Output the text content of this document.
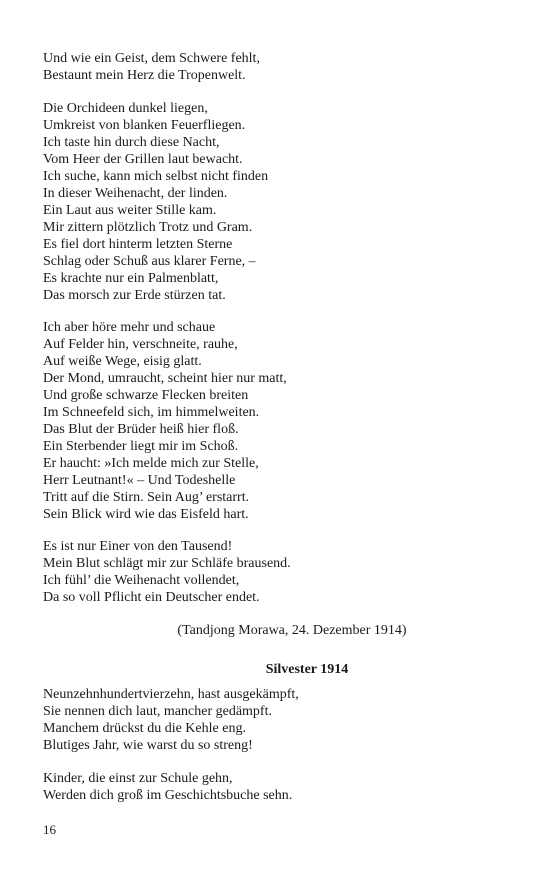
Und wie ein Geist, dem Schwere fehlt,
Bestaunt mein Herz die Tropenwelt.
Die Orchideen dunkel liegen,
Umkreist von blanken Feuerfliegen.
Ich taste hin durch diese Nacht,
Vom Heer der Grillen laut bewacht.
Ich suche, kann mich selbst nicht finden
In dieser Weihenacht, der linden.
Ein Laut aus weiter Stille kam.
Mir zittern plötzlich Trotz und Gram.
Es fiel dort hinterm letzten Sterne
Schlag oder Schuß aus klarer Ferne, –
Es krachte nur ein Palmenblatt,
Das morsch zur Erde stürzen tat.
Ich aber höre mehr und schaue
Auf Felder hin, verschneite, rauhe,
Auf weiße Wege, eisig glatt.
Der Mond, umraucht, scheint hier nur matt,
Und große schwarze Flecken breiten
Im Schneefeld sich, im himmelweiten.
Das Blut der Brüder heiß hier floß.
Ein Sterbender liegt mir im Schoß.
Er haucht: »Ich melde mich zur Stelle,
Herr Leutnant!« – Und Todeshelle
Tritt auf die Stirn. Sein Aug’ erstarrt.
Sein Blick wird wie das Eisfeld hart.
Es ist nur Einer von den Tausend!
Mein Blut schlägt mir zur Schläfe brausend.
Ich fühl’ die Weihenacht vollendet,
Da so voll Pflicht ein Deutscher endet.
(Tandjong Morawa, 24. Dezember 1914)
Silvester 1914
Neunzehnhundertvierzehn, hast ausgekämpft,
Sie nennen dich laut, mancher gedämpft.
Manchem drückst du die Kehle eng.
Blutiges Jahr, wie warst du so streng!
Kinder, die einst zur Schule gehn,
Werden dich groß im Geschichtsbuche sehn.
16
